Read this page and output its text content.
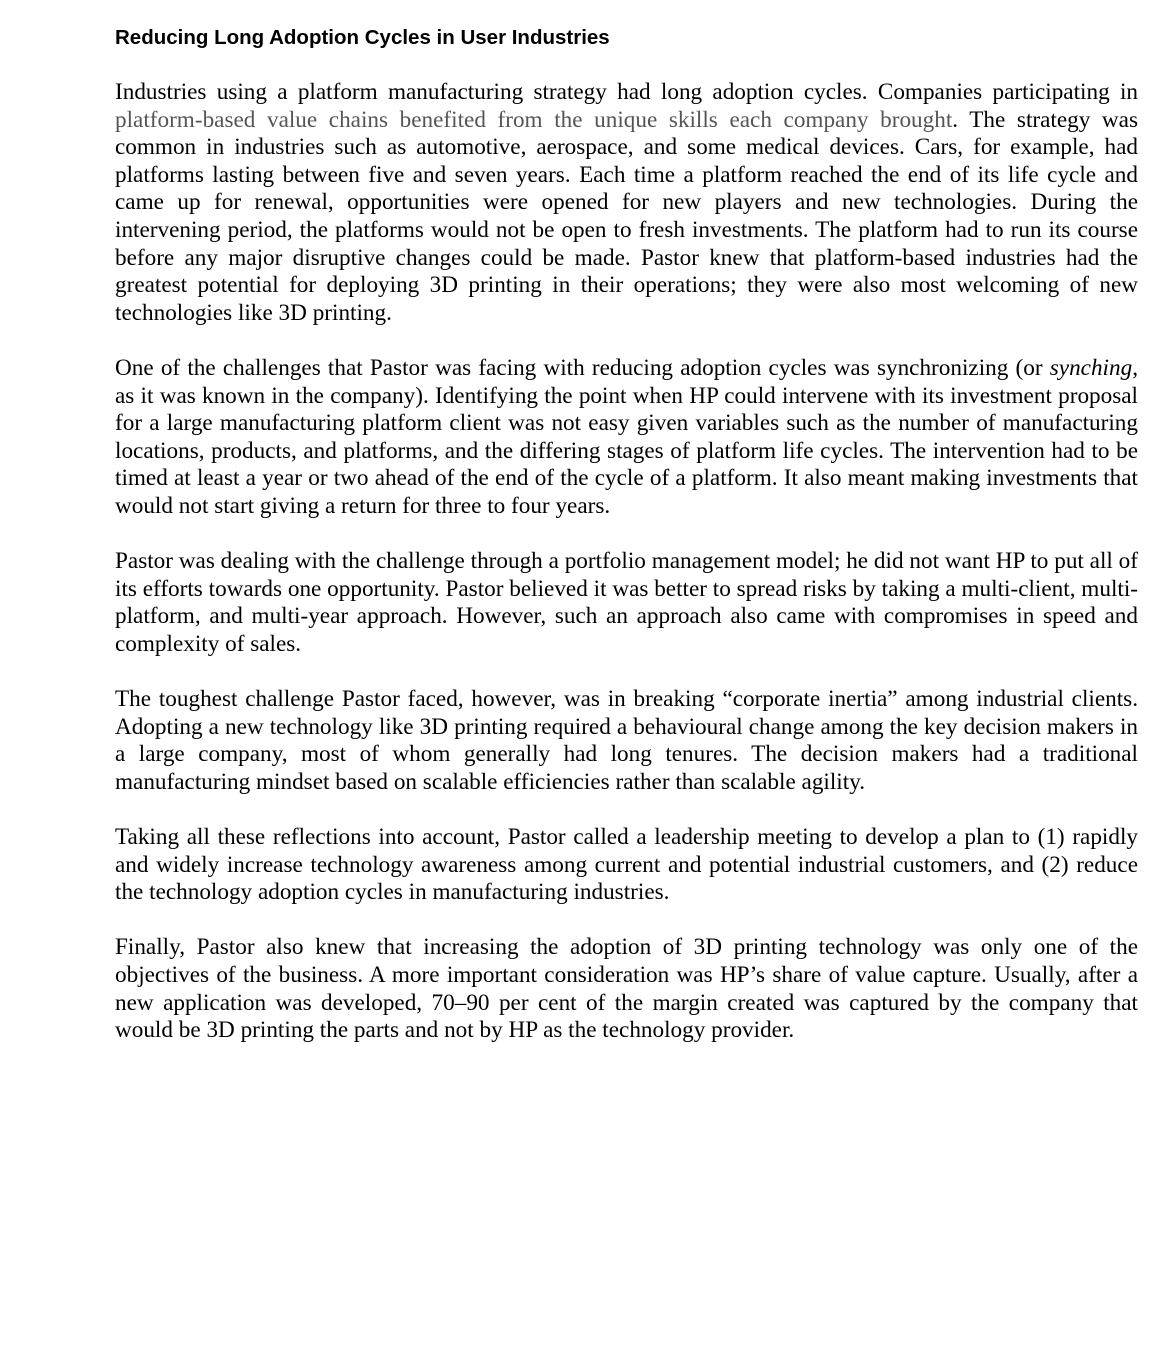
Reducing Long Adoption Cycles in User Industries

Industries using a platform manufacturing strategy had long adoption cycles. Companies participating in platform-based value chains benefited from the unique skills each company brought. The strategy was common in industries such as automotive, aerospace, and some medical devices. Cars, for example, had platforms lasting between five and seven years. Each time a platform reached the end of its life cycle and came up for renewal, opportunities were opened for new players and new technologies. During the intervening period, the platforms would not be open to fresh investments. The platform had to run its course before any major disruptive changes could be made. Pastor knew that platform-based industries had the greatest potential for deploying 3D printing in their operations; they were also most welcoming of new technologies like 3D printing.

One of the challenges that Pastor was facing with reducing adoption cycles was synchronizing (or synching, as it was known in the company). Identifying the point when HP could intervene with its investment proposal for a large manufacturing platform client was not easy given variables such as the number of manufacturing locations, products, and platforms, and the differing stages of platform life cycles. The intervention had to be timed at least a year or two ahead of the end of the cycle of a platform. It also meant making investments that would not start giving a return for three to four years.

Pastor was dealing with the challenge through a portfolio management model; he did not want HP to put all of its efforts towards one opportunity. Pastor believed it was better to spread risks by taking a multi-client, multi-platform, and multi-year approach. However, such an approach also came with compromises in speed and complexity of sales.

The toughest challenge Pastor faced, however, was in breaking “corporate inertia” among industrial clients. Adopting a new technology like 3D printing required a behavioural change among the key decision makers in a large company, most of whom generally had long tenures. The decision makers had a traditional manufacturing mindset based on scalable efficiencies rather than scalable agility.

Taking all these reflections into account, Pastor called a leadership meeting to develop a plan to (1) rapidly and widely increase technology awareness among current and potential industrial customers, and (2) reduce the technology adoption cycles in manufacturing industries.

Finally, Pastor also knew that increasing the adoption of 3D printing technology was only one of the objectives of the business. A more important consideration was HP’s share of value capture. Usually, after a new application was developed, 70–90 per cent of the margin created was captured by the company that would be 3D printing the parts and not by HP as the technology provider.
